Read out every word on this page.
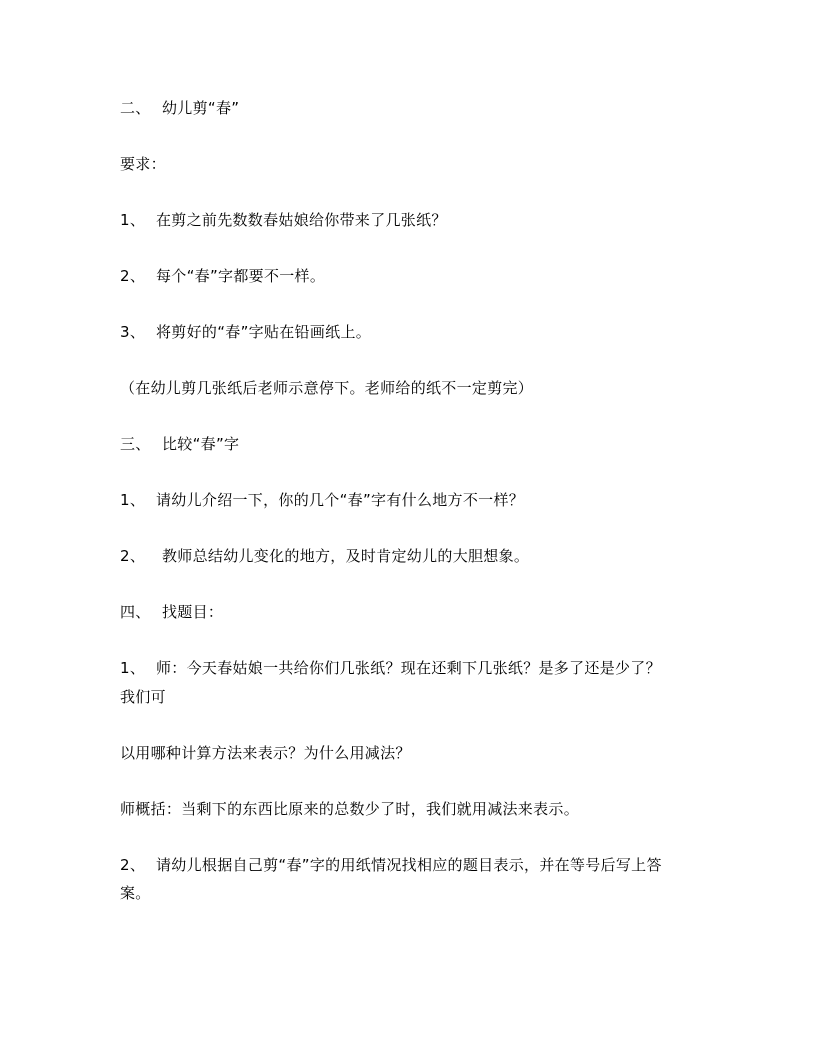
二、 幼儿剪“春”
要求：
1、 在剪之前先数数春姑娘给你带来了几张纸？
2、 每个“春”字都要不一样。
3、 将剪好的“春”字贴在铅画纸上。
（在幼儿剪几张纸后老师示意停下。老师给的纸不一定剪完）
三、 比较“春”字
1、 请幼儿介绍一下，你的几个“春”字有什么地方不一样？
2、 教师总结幼儿变化的地方，及时肯定幼儿的大胆想象。
四、 找题目：
1、 师：今天春姑娘一共给你们几张纸？现在还剩下几张纸？是多了还是少了？
我们可
以用哪种计算方法来表示？为什么用减法？
师概括：当剩下的东西比原来的总数少了时，我们就用减法来表示。
2、 请幼儿根据自己剪“春”字的用纸情况找相应的题目表示，并在等号后写上答
案。
